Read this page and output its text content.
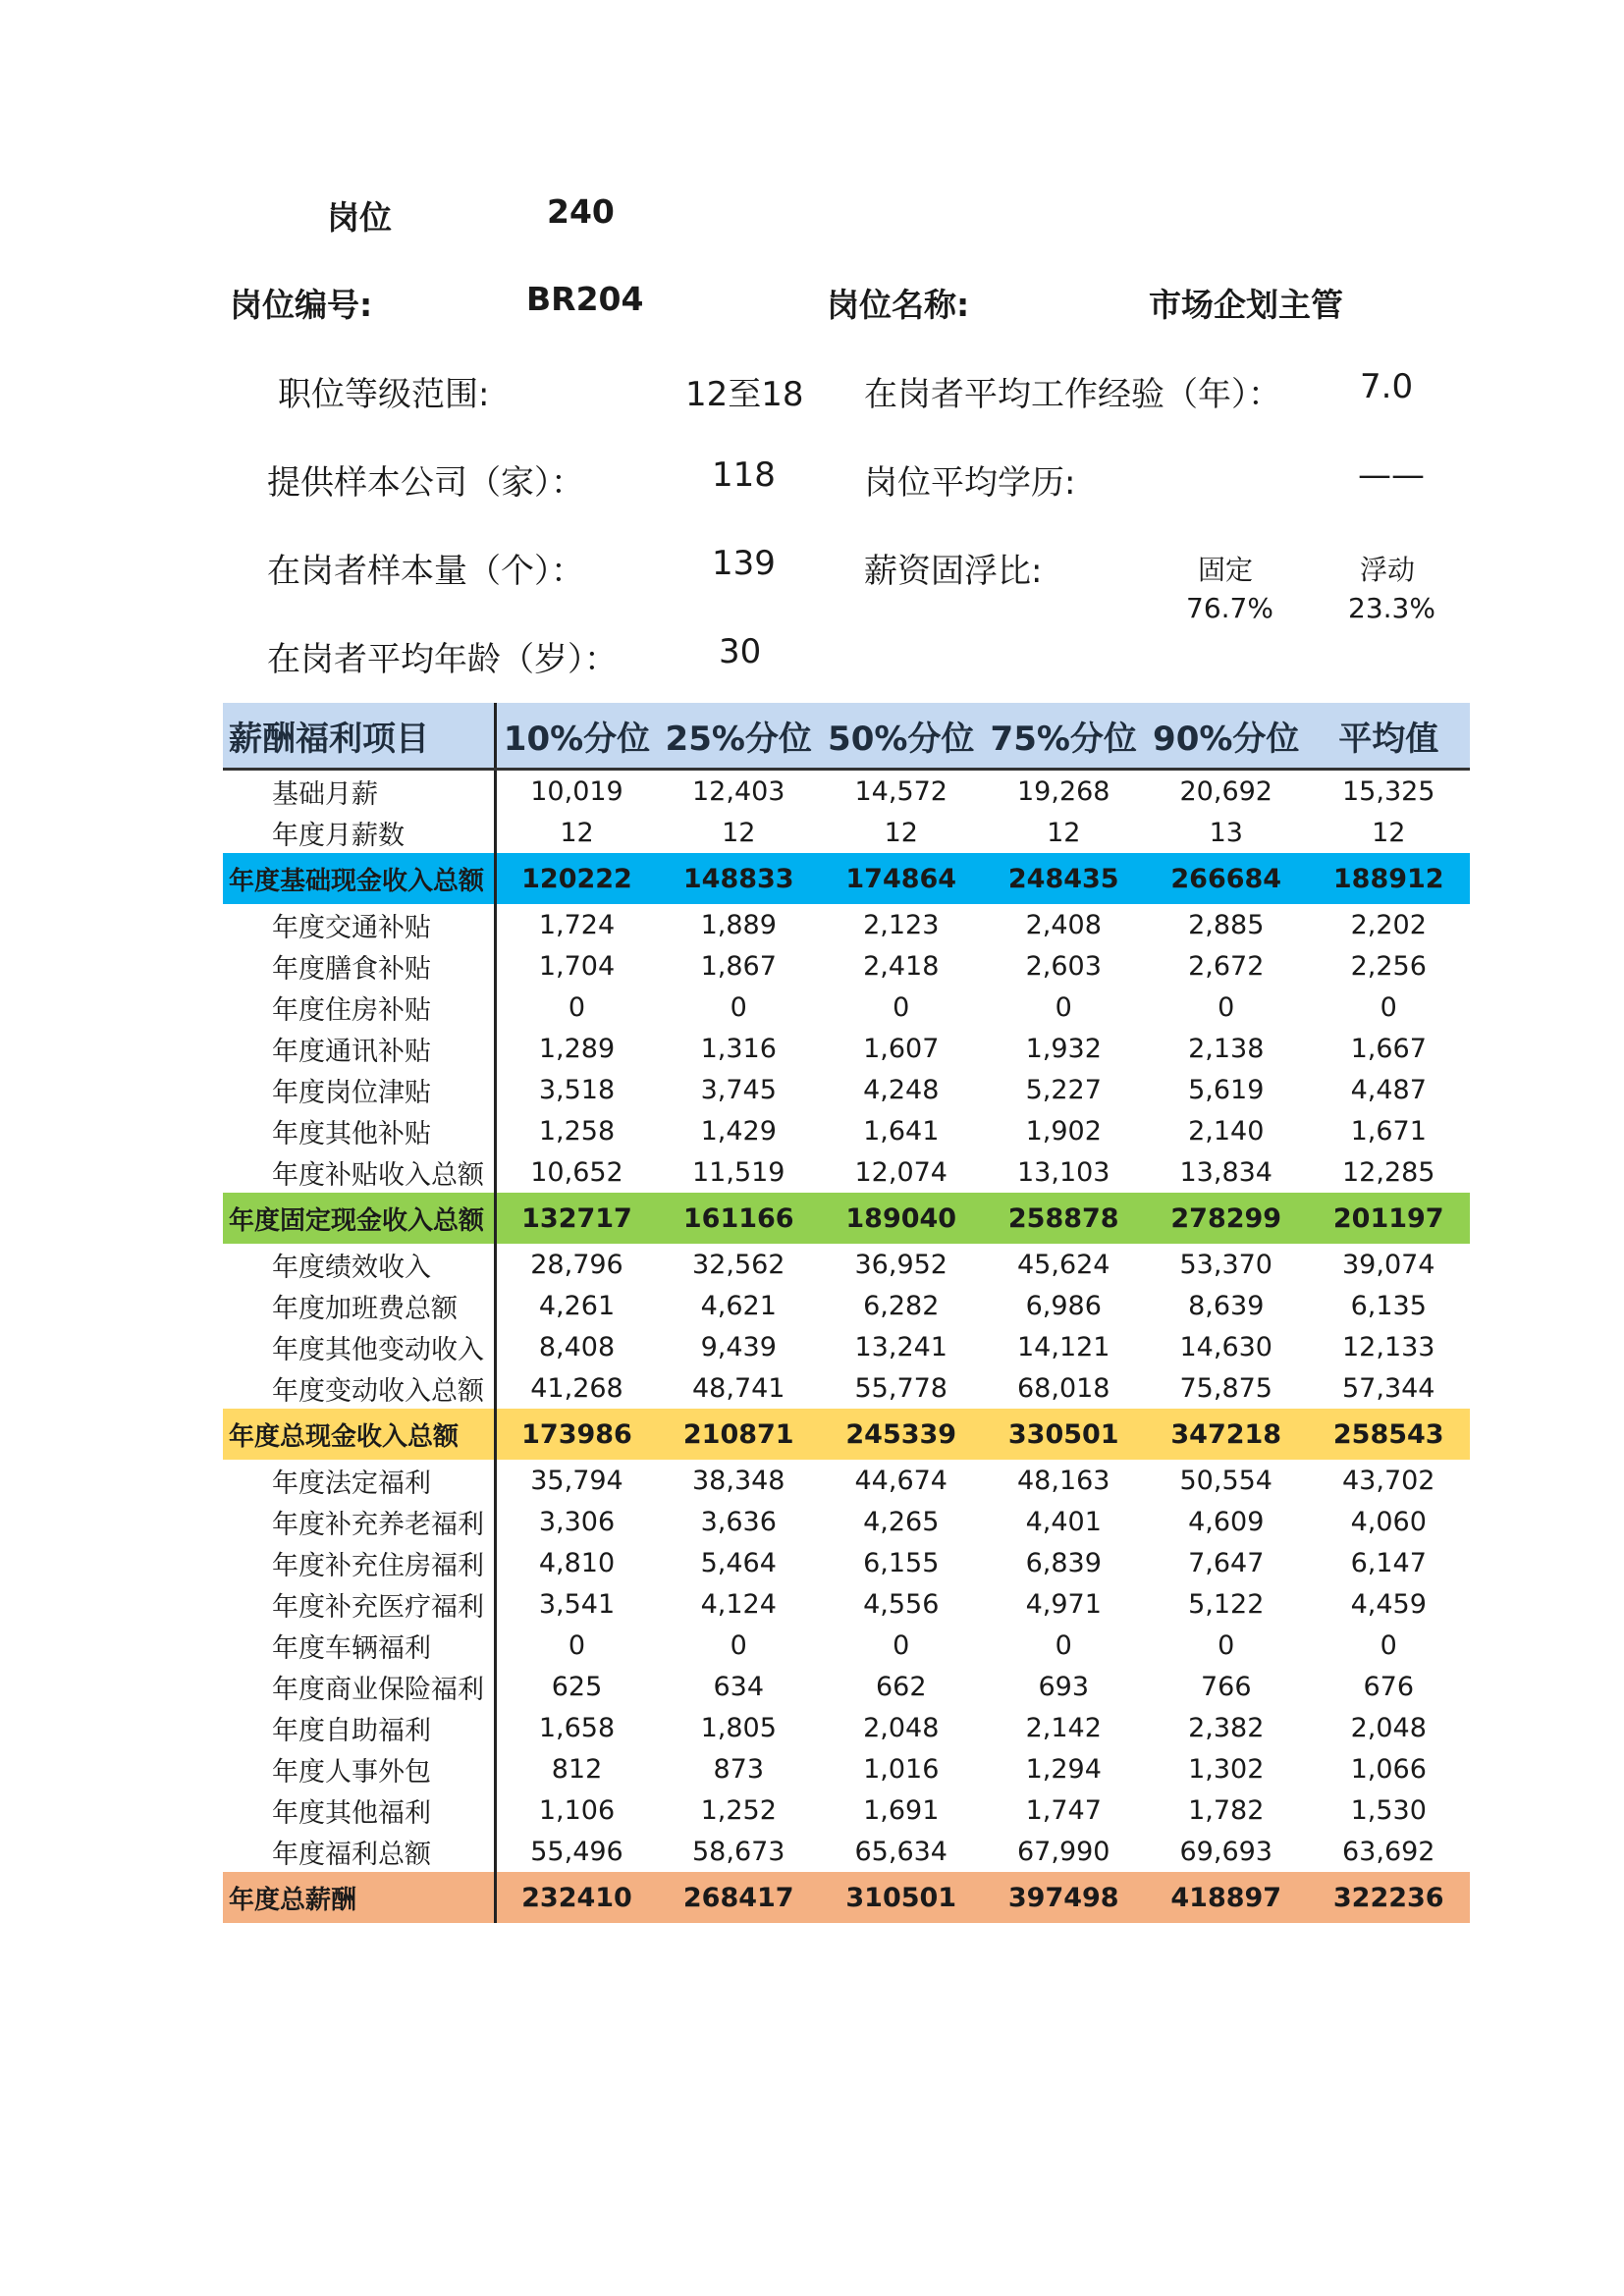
岗位	240
岗位编号:	BR204	岗位名称:	市场企划主管
职位等级范围:	12至18 在岗者平均工作经验（年）： 7.0
提供样本公司（家）：	118	岗位平均学历:	——
在岗者样本量（个）：	139	薪资固浮比:	固定	浮动
76.7%	23.3%
在岗者平均年龄（岁）：	30
薪酬福利项目	10%分位	25%分位	50%分位	75%分位	90%分位	平均值
基础月薪	10,019	12,403	14,572	19,268	20,692	15,325
年度月薪数	12	12	12	12	13	12
年度基础现金收入总额	120222	148833	174864	248435	266684	188912
年度交通补贴	1,724	1,889	2,123	2,408	2,885	2,202
年度膳食补贴	1,704	1,867	2,418	2,603	2,672	2,256
年度住房补贴	0	0	0	0	0	0
年度通讯补贴	1,289	1,316	1,607	1,932	2,138	1,667
年度岗位津贴	3,518	3,745	4,248	5,227	5,619	4,487
年度其他补贴	1,258	1,429	1,641	1,902	2,140	1,671
年度补贴收入总额	10,652	11,519	12,074	13,103	13,834	12,285
年度固定现金收入总额	132717	161166	189040	258878	278299	201197
年度绩效收入	28,796	32,562	36,952	45,624	53,370	39,074
年度加班费总额	4,261	4,621	6,282	6,986	8,639	6,135
年度其他变动收入	8,408	9,439	13,241	14,121	14,630	12,133
年度变动收入总额	41,268	48,741	55,778	68,018	75,875	57,344
年度总现金收入总额	173986	210871	245339	330501	347218	258543
年度法定福利	35,794	38,348	44,674	48,163	50,554	43,702
年度补充养老福利	3,306	3,636	4,265	4,401	4,609	4,060
年度补充住房福利	4,810	5,464	6,155	6,839	7,647	6,147
年度补充医疗福利	3,541	4,124	4,556	4,971	5,122	4,459
年度车辆福利	0	0	0	0	0	0
年度商业保险福利	625	634	662	693	766	676
年度自助福利	1,658	1,805	2,048	2,142	2,382	2,048
年度人事外包	812	873	1,016	1,294	1,302	1,066
年度其他福利	1,106	1,252	1,691	1,747	1,782	1,530
年度福利总额	55,496	58,673	65,634	67,990	69,693	63,692
年度总薪酬	232410	268417	310501	397498	418897	322236
